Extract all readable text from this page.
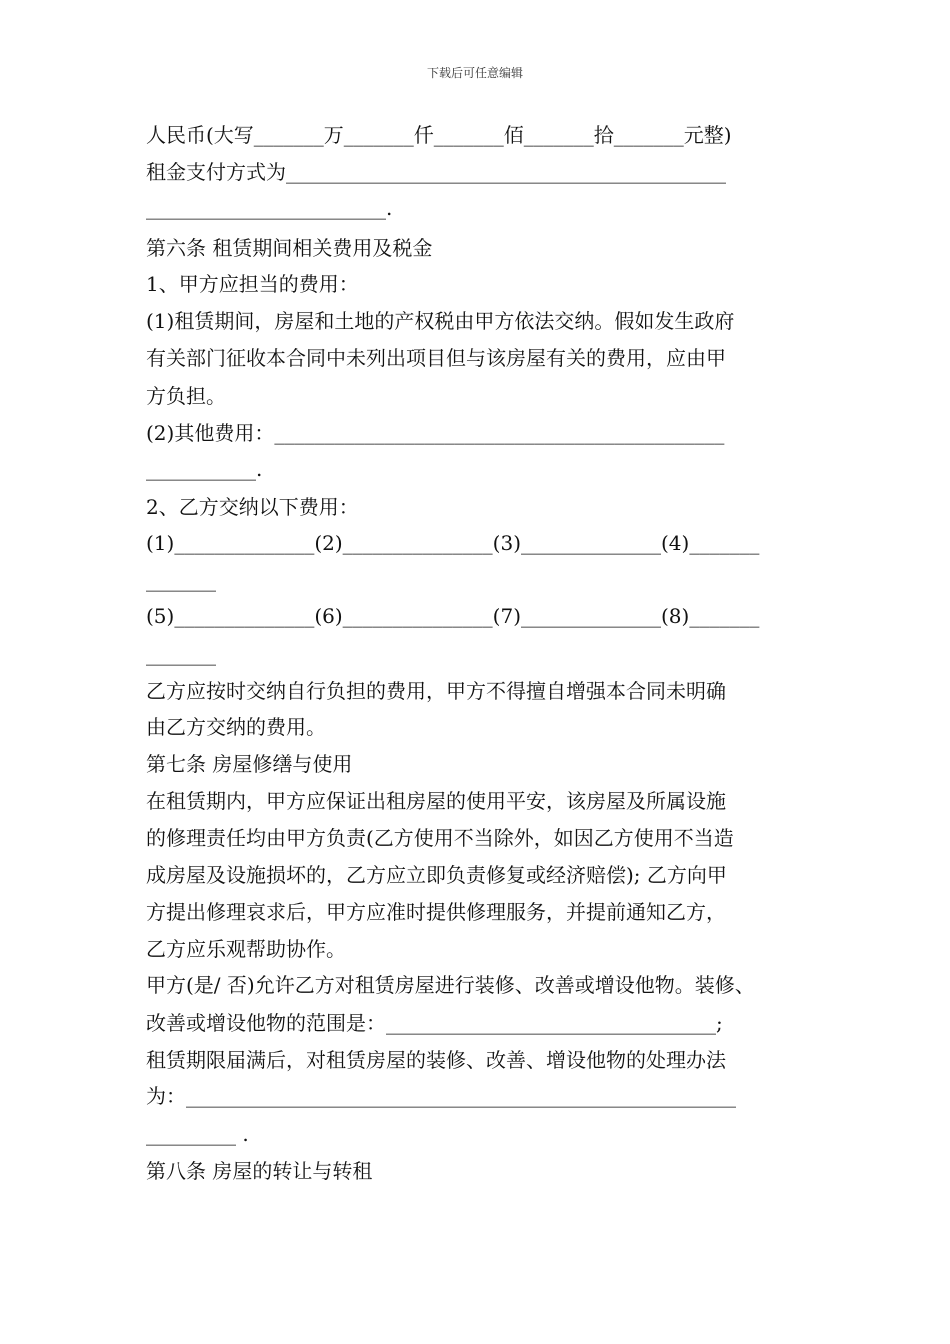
下载后可任意编辑
人民币(大写_______万_______仟_______佰_______拾_______元整)
租金支付方式为____________________________________________
________________________.
第六条 租赁期间相关费用及税金
1、甲方应担当的费用：
(1)租赁期间，房屋和土地的产权税由甲方依法交纳。假如发生政府
有关部门征收本合同中未列出项目但与该房屋有关的费用，应由甲
方负担。
(2)其他费用：_____________________________________________
___________.
2、乙方交纳以下费用：
(1)______________(2)_______________(3)______________(4)_______
_______
(5)______________(6)_______________(7)______________(8)_______
_______
乙方应按时交纳自行负担的费用，甲方不得擅自增强本合同未明确
由乙方交纳的费用。
第七条 房屋修缮与使用
在租赁期内，甲方应保证出租房屋的使用平安，该房屋及所属设施
的修理责任均由甲方负责(乙方使用不当除外，如因乙方使用不当造
成房屋及设施损坏的，乙方应立即负责修复或经济赔偿); 乙方向甲
方提出修理哀求后，甲方应准时提供修理服务，并提前通知乙方，
乙方应乐观帮助协作。
甲方(是/ 否)允许乙方对租赁房屋进行装修、改善或增设他物。装修、
改善或增设他物的范围是：_________________________________;
租赁期限届满后，对租赁房屋的装修、改善、增设他物的处理办法
为：_______________________________________________________
_________ .
第八条 房屋的转让与转租
